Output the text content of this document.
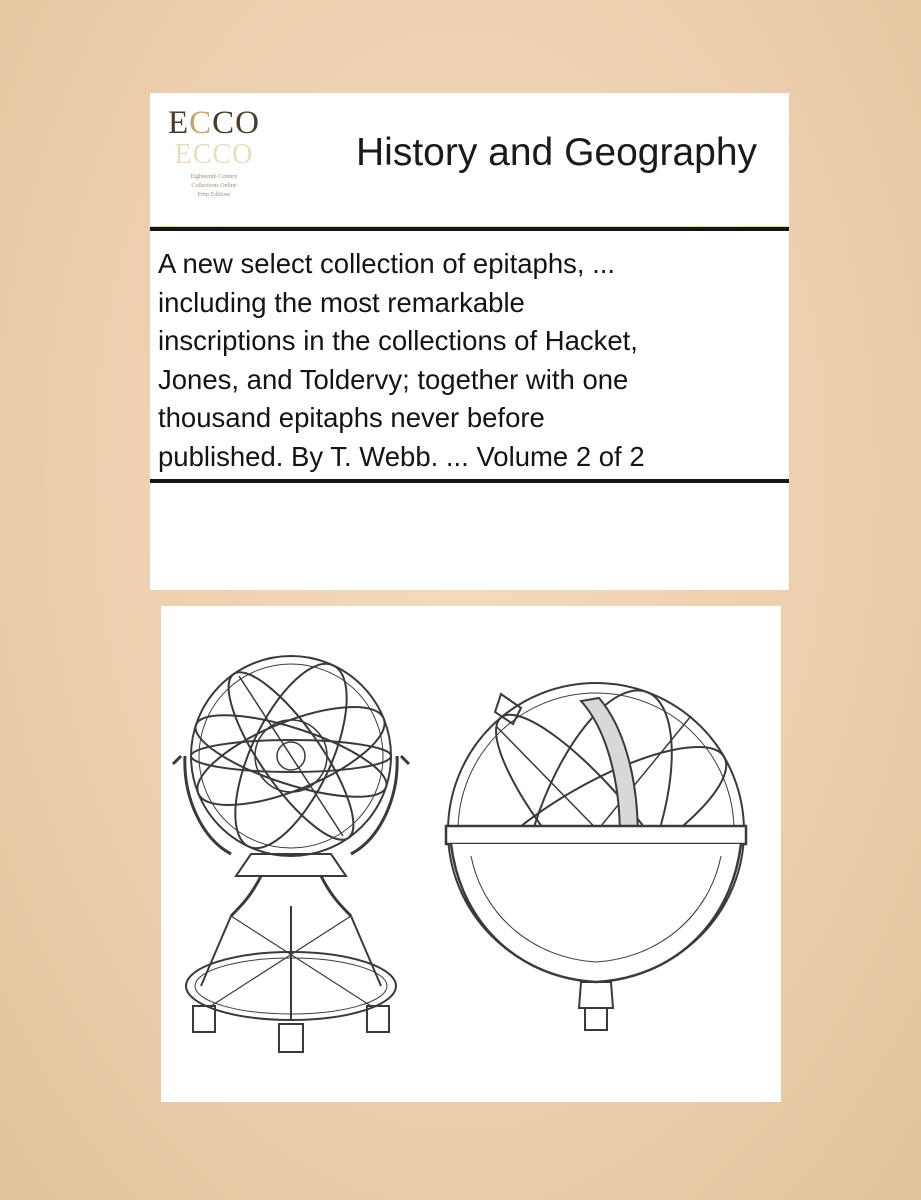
ECCO
ECCO
Eighteenth Century
Collections Online
Print Editions
History and Geography
A new select collection of epitaphs, ...
including the most remarkable
inscriptions in the collections of Hacket,
Jones, and Toldervy; together with one
thousand epitaphs never before
published. By T. Webb. ... Volume 2 of 2
